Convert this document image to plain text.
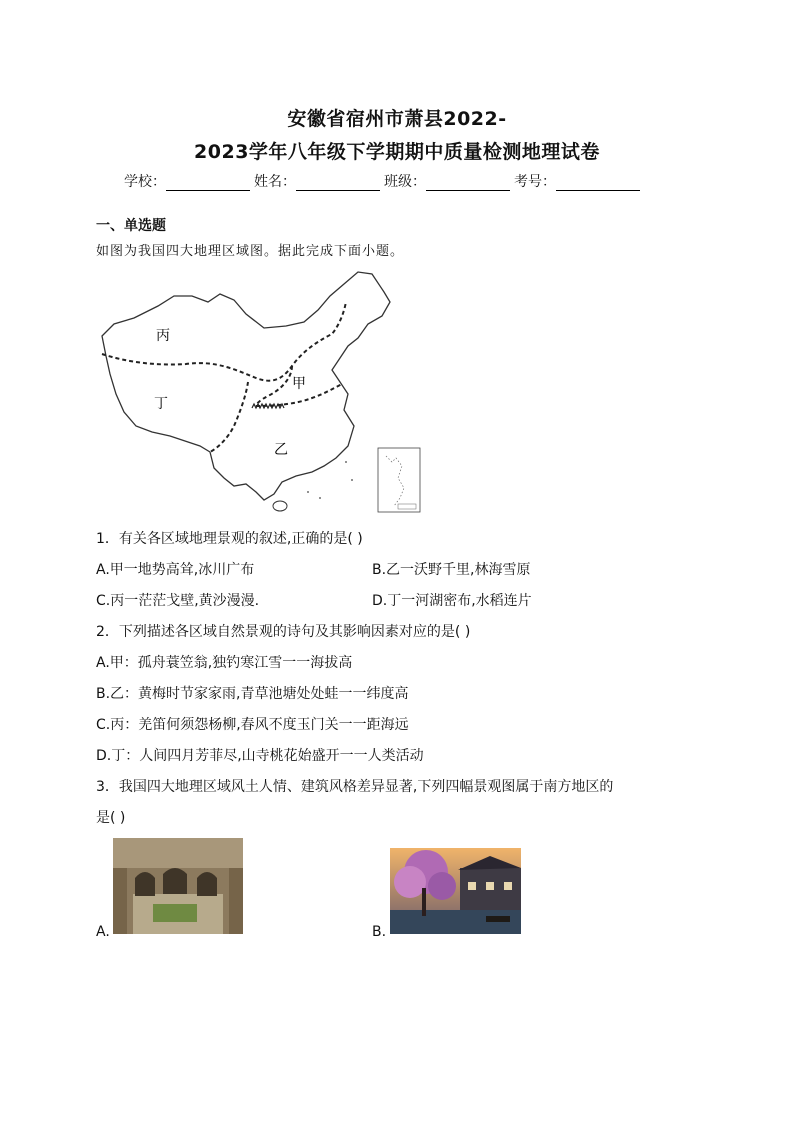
安徽省宿州市萧县2022-
2023学年八年级下学期期中质量检测地理试卷
学校：	姓名：	班级：	考号：
一、单选题
如图为我国四大地理区域图。据此完成下面小题。
丙
丁
甲
乙
1．有关各区域地理景观的叙述,正确的是( )
A.甲一地势高耸,冰川广布	B.乙一沃野千里,林海雪原
C.丙一茫茫戈壁,黄沙漫漫.	D.丁一河湖密布,水稻连片
2．下列描述各区域自然景观的诗句及其影响因素对应的是( )
A.甲：孤舟蓑笠翁,独钓寒江雪一一海拔高
B.乙：黄梅时节家家雨,青草池塘处处蛙一一纬度高
C.丙：羌笛何须怨杨柳,春风不度玉门关一一距海远
D.丁：人间四月芳菲尽,山寺桃花始盛开一一人类活动
3．我国四大地理区域风土人情、建筑风格差异显著,下列四幅景观图属于南方地区的
是( )
A.	B.
